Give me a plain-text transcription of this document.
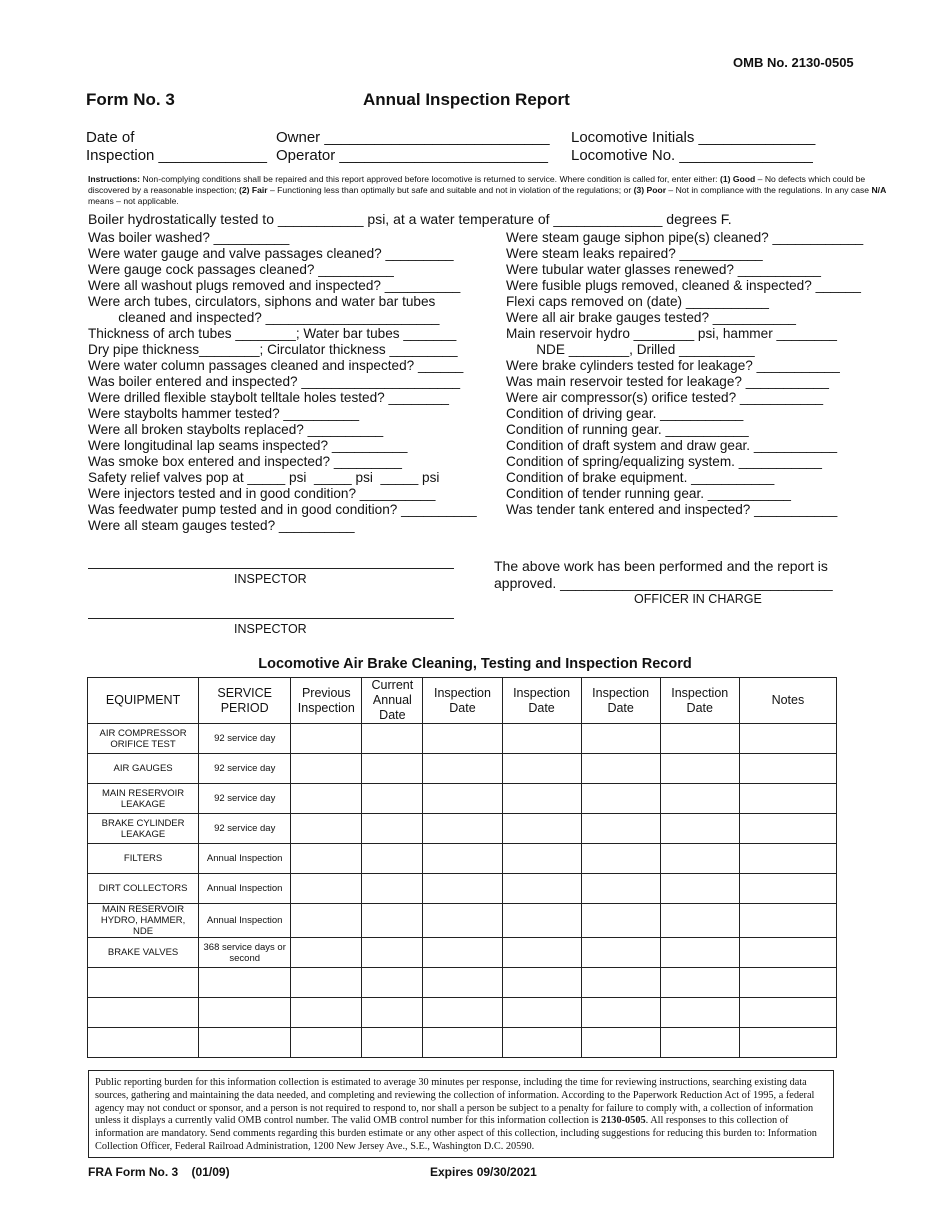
OMB No. 2130-0505
Form No. 3	Annual Inspection Report
Date of
Inspection _____________
Owner ___________________________
Operator _________________________
Locomotive Initials ______________
Locomotive No. ________________
Instructions: Non-complying conditions shall be repaired and this report approved before locomotive is returned to service. Where condition is called for, enter either: (1) Good – No defects which could be discovered by a reasonable inspection; (2) Fair – Functioning less than optimally but safe and suitable and not in violation of the regulations; or (3) Poor – Not in compliance with the regulations. In any case N/A means – not applicable.
Boiler hydrostatically tested to ___________ psi, at a water temperature of ______________ degrees F.
Was boiler washed? __________
Were water gauge and valve passages cleaned? _________
Were gauge cock passages cleaned? __________
Were all washout plugs removed and inspected? __________
Were arch tubes, circulators, siphons and water bar tubes
cleaned and inspected? _______________________
Thickness of arch tubes ________; Water bar tubes _______
Dry pipe thickness________; Circulator thickness _________
Were water column passages cleaned and inspected? ______
Was boiler entered and inspected? _____________________
Were drilled flexible staybolt telltale holes tested? ________
Were staybolts hammer tested? __________
Were all broken staybolts replaced? __________
Were longitudinal lap seams inspected? __________
Was smoke box entered and inspected? _________
Safety relief valves pop at _____ psi  _____ psi  _____ psi
Were injectors tested and in good condition? __________
Was feedwater pump tested and in good condition? __________
Were all steam gauges tested? __________
Were steam gauge siphon pipe(s) cleaned? ____________
Were steam leaks repaired? ___________
Were tubular water glasses renewed? ___________
Were fusible plugs removed, cleaned & inspected? ______
Flexi caps removed on (date) ___________
Were all air brake gauges tested? ___________
Main reservoir hydro ________ psi, hammer ________
NDE ________, Drilled __________
Were brake cylinders tested for leakage? ___________
Was main reservoir tested for leakage? ___________
Were air compressor(s) orifice tested? ___________
Condition of driving gear. ___________
Condition of running gear. ___________
Condition of draft system and draw gear. ___________
Condition of spring/equalizing system. ___________
Condition of brake equipment. ___________
Condition of tender running gear. ___________
Was tender tank entered and inspected? ___________
INSPECTOR
INSPECTOR
The above work has been performed and the report is
approved. ___________________________________
OFFICER IN CHARGE
Locomotive Air Brake Cleaning, Testing and Inspection Record
EQUIPMENT	SERVICE PERIOD	Previous Inspection	Current Annual Date	Inspection Date	Inspection Date	Inspection Date	Inspection Date	Notes
AIR COMPRESSOR ORIFICE TEST	92 service day							
AIR GAUGES	92 service day							
MAIN RESERVOIR LEAKAGE	92 service day							
BRAKE CYLINDER LEAKAGE	92 service day							
FILTERS	Annual Inspection							
DIRT COLLECTORS	Annual Inspection							
MAIN RESERVOIR HYDRO, HAMMER, NDE	Annual Inspection							
BRAKE VALVES	368 service days or second							

Public reporting burden for this information collection is estimated to average 30 minutes per response, including the time for reviewing instructions, searching existing data sources, gathering and maintaining the data needed, and completing and reviewing the collection of information. According to the Paperwork Reduction Act of 1995, a federal agency may not conduct or sponsor, and a person is not required to respond to, nor shall a person be subject to a penalty for failure to comply with, a collection of information unless it displays a currently valid OMB control number. The valid OMB control number for this information collection is 2130-0505. All responses to this collection of information are mandatory. Send comments regarding this burden estimate or any other aspect of this collection, including suggestions for reducing this burden to: Information Collection Officer, Federal Railroad Administration, 1200 New Jersey Ave., S.E., Washington D.C. 20590.
FRA Form No. 3    (01/09)	Expires 09/30/2021
